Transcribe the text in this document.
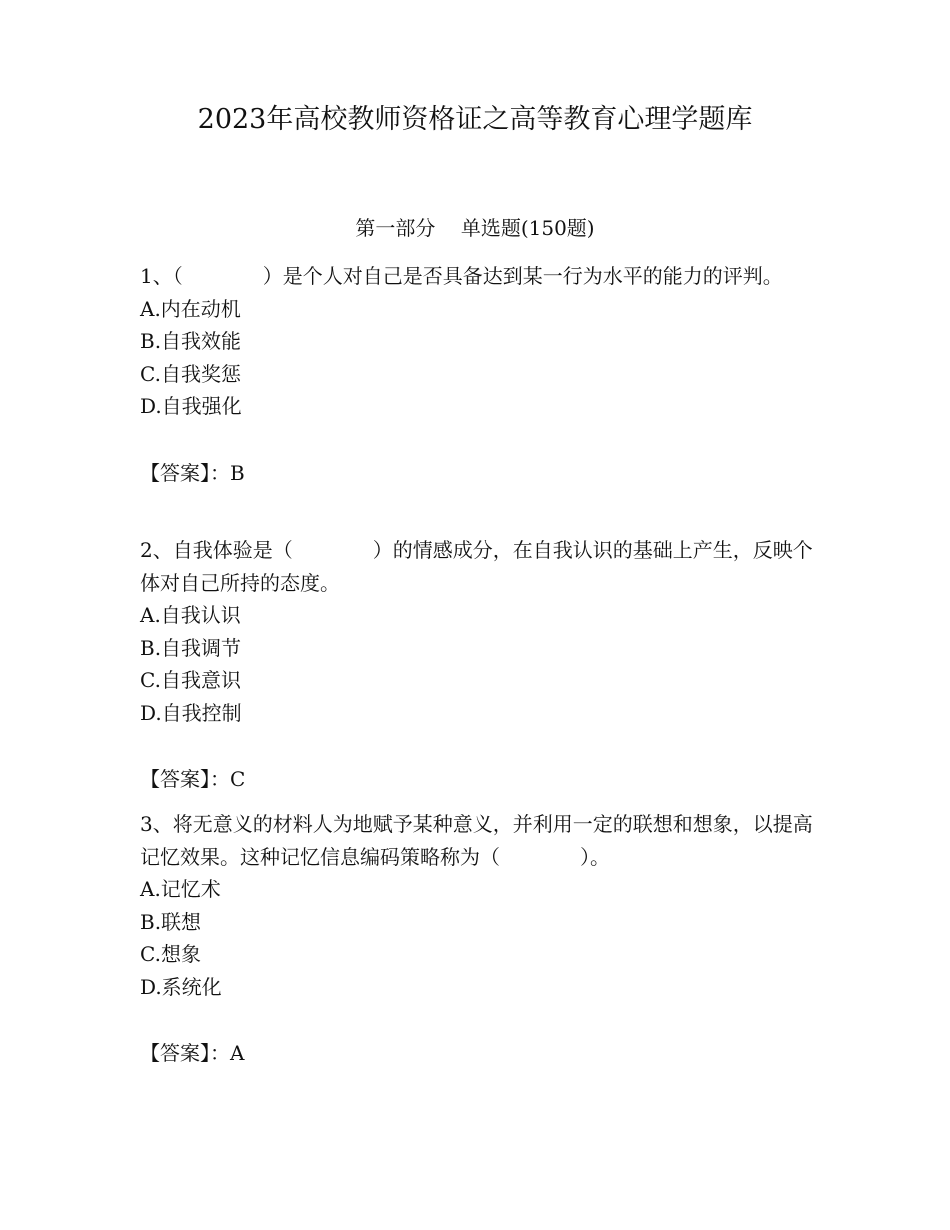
2023年高校教师资格证之高等教育心理学题库
第一部分    单选题(150题)

1、（　　　　）是个人对自己是否具备达到某一行为水平的能力的评判。

A.内在动机
B.自我效能
C.自我奖惩
D.自我强化
【答案】：B

2、自我体验是（　　　　）的情感成分，在自我认识的基础上产生，反映个体对自己所持的态度。

A.自我认识
B.自我调节
C.自我意识
D.自我控制
【答案】：C

3、将无意义的材料人为地赋予某种意义，并利用一定的联想和想象，以提高记忆效果。这种记忆信息编码策略称为（　　　　）。

A.记忆术
B.联想
C.想象
D.系统化
【答案】：A
